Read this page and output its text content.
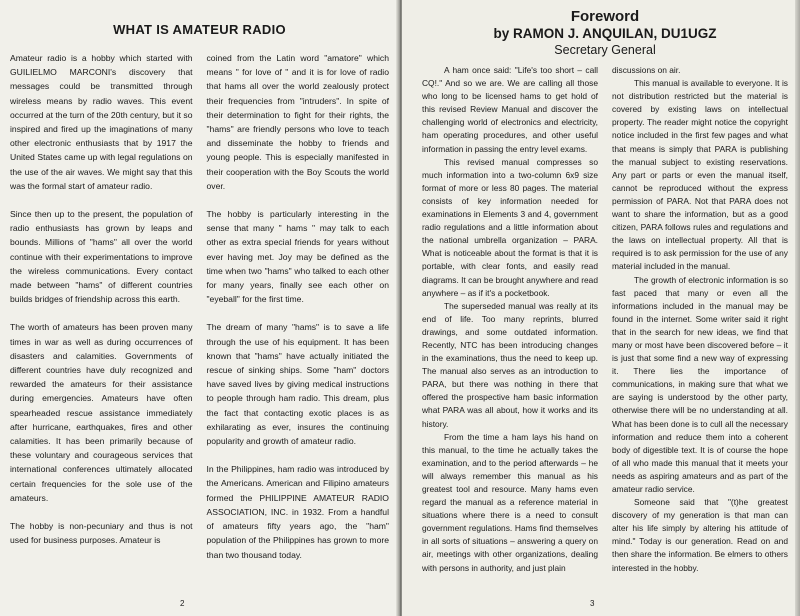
WHAT IS AMATEUR RADIO

Amateur radio is a hobby which started with GUILIELMO MARCONI's discovery that messages could be transmitted through wireless means by radio waves. This event occurred at the turn of the 20th century, but it so inspired and fired up the imaginations of many other electronic enthusiasts that by 1917 the United States came up with legal regulations on the use of the air waves. We might say that this was the formal start of amateur radio.

Since then up to the present, the population of radio enthusiasts has grown by leaps and bounds. Millions of "hams" all over the world continue with their experimentations to improve the wireless communications. Every contact made between "hams" of different countries builds bridges of friendship across this earth.

The worth of amateurs has been proven many times in war as well as during occurrences of disasters and calamities. Governments of different countries have duly recognized and rewarded the amateurs for their assistance during emergencies. Amateurs have often spearheaded rescue assistance immediately after hurricane, earthquakes, fires and other calamities. It has been primarily because of these voluntary and courageous services that international conferences ultimately allocated certain frequencies for the sole use of the amateurs.

The hobby is non-pecuniary and thus is not used for business purposes. Amateur is

coined from the Latin word "amatore" which means " for love of " and it is for love of radio that hams all over the world zealously protect their frequencies from "intruders". In spite of their determination to fight for their rights, the "hams" are friendly persons who love to teach and disseminate the hobby to friends and young people. This is especially manifested in their cooperation with the Boy Scouts the world over.

The hobby is particularly interesting in the sense that many " hams " may talk to each other as extra special friends for years without ever having met. Joy may be defined as the time when two "hams" who talked to each other for many years, finally see each other on "eyeball" for the first time.

The dream of many "hams" is to save a life through the use of his equipment. It has been known that "hams" have actually initiated the rescue of sinking ships. Some "ham" doctors have saved lives by giving medical instructions to people through ham radio. This dream, plus the fact that contacting exotic places is as exhilarating as ever, insures the continuing popularity and growth of amateur radio.

In the Philippines, ham radio was introduced by the Americans. American and Filipino amateurs formed the PHILIPPINE AMATEUR RADIO ASSOCIATION, INC. in 1932. From a handful of amateurs fifty years ago, the "ham" population of the Philippines has grown to more than two thousand today.

2
Foreword
by RAMON J. ANQUILAN, DU1UGZ
Secretary General

A ham once said: "Life's too short – call CQ!." And so we are. We are calling all those who long to be licensed hams to get hold of this revised Review Manual and discover the challenging world of electronics and electricity, ham operating procedures, and other useful information in passing the entry level exams.

This revised manual compresses so much information into a two-column 6x9 size format of more or less 80 pages. The material consists of key information needed for examinations in Elements 3 and 4, government radio regulations and a little information about the national umbrella organization – PARA. What is noticeable about the format is that it is portable, with clear fonts, and easily read diagrams. It can be brought anywhere and read anywhere – as if it's a pocketbook.

The superseded manual was really at its end of life. Too many reprints, blurred drawings, and some outdated information. Recently, NTC has been introducing changes in the examinations, thus the need to keep up. The manual also serves as an introduction to PARA, but there was nothing in there that offered the prospective ham basic information what PARA was all about, how it works and its history.

From the time a ham lays his hand on this manual, to the time he actually takes the examination, and to the period afterwards – he will always remember this manual as his greatest tool and resource. Many hams even regard the manual as a reference material in situations where there is a need to consult government regulations. Hams find themselves in all sorts of situations – answering a query on air, meetings with other organizations, dealing with persons in authority, and just plain

discussions on air.

This manual is available to everyone. It is not distribution restricted but the material is covered by existing laws on intellectual property. The reader might notice the copyright notice included in the first few pages and what that means is simply that PARA is publishing the manual subject to existing reservations. Any part or parts or even the manual itself, cannot be reproduced without the express permission of PARA. Not that PARA does not want to share the information, but as a good citizen, PARA follows rules and regulations and the laws on intellectual property. All that is required is to ask permission for the use of any material included in the manual.

The growth of electronic information is so fast paced that many or even all the informations included in the manual may be found in the internet. Some writer said it right that in the search for new ideas, we find that many or most have been discovered before – it is just that some find a new way of expressing it. There lies the importance of communications, in making sure that what we are saying is understood by the other party, otherwise there will be no understanding at all. What has been done is to cull all the necessary information and reduce them into a coherent body of digestible text. It is of course the hope of all who made this manual that it meets your needs as aspiring amateurs and as part of the amateur radio service.

Someone said that "(t)he greatest discovery of my generation is that man can alter his life simply by altering his attitude of mind." Today is our generation. Read on and then share the information. Be elmers to others interested in the hobby.

3
